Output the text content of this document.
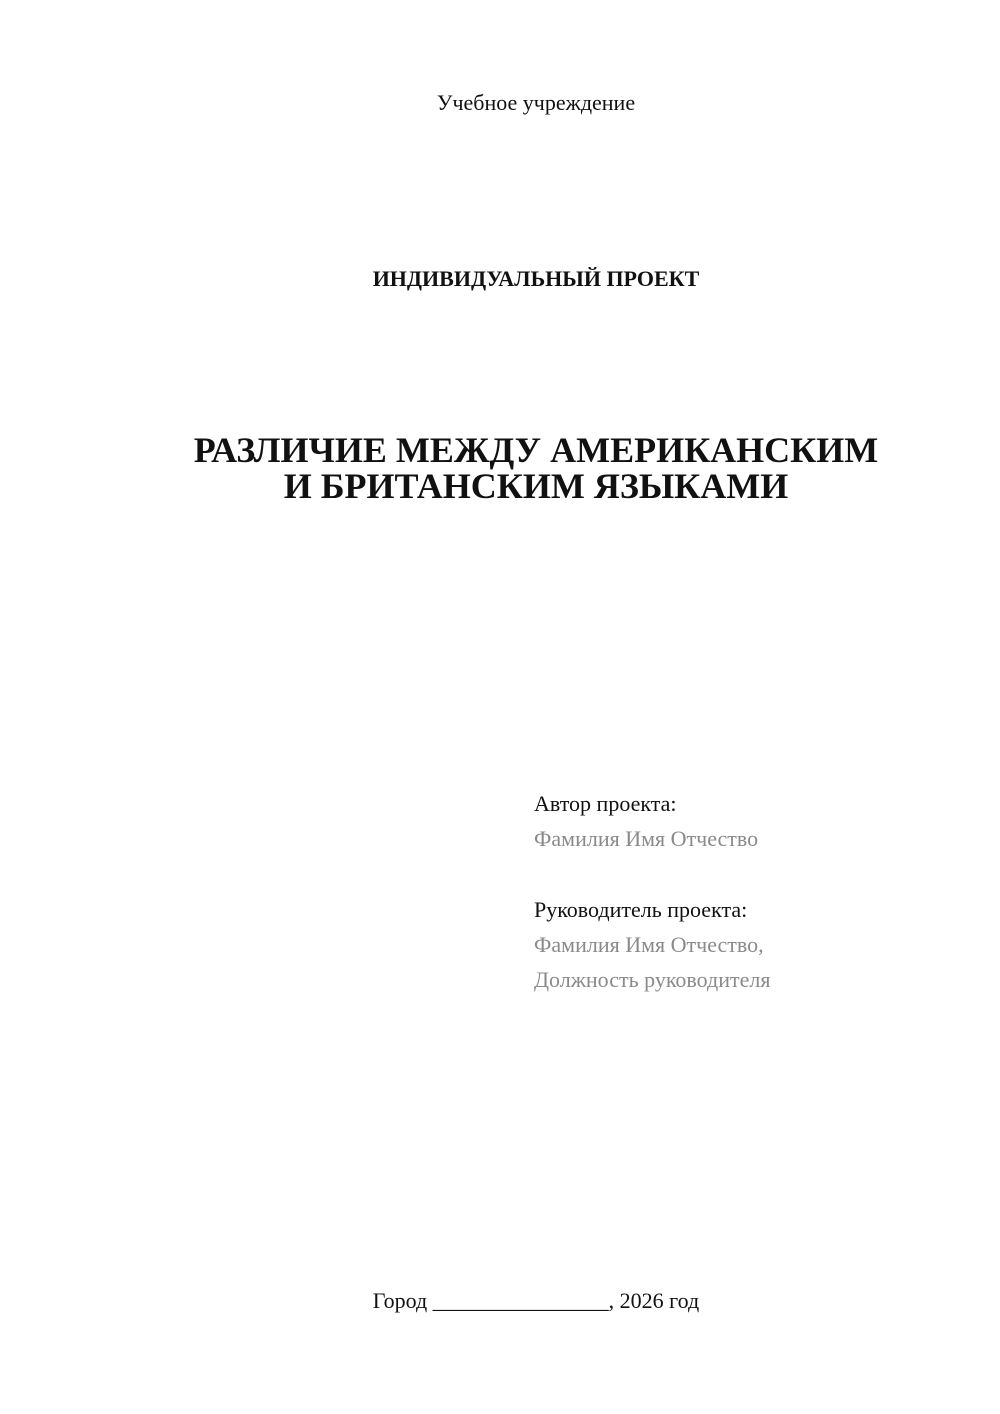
Учебное учреждение
ИНДИВИДУАЛЬНЫЙ ПРОЕКТ
РАЗЛИЧИЕ МЕЖДУ АМЕРИКАНСКИМ
И БРИТАНСКИМ ЯЗЫКАМИ
Автор проекта:
Фамилия Имя Отчество
Руководитель проекта:
Фамилия Имя Отчество,
Должность руководителя
Город ________________, 2026 год
